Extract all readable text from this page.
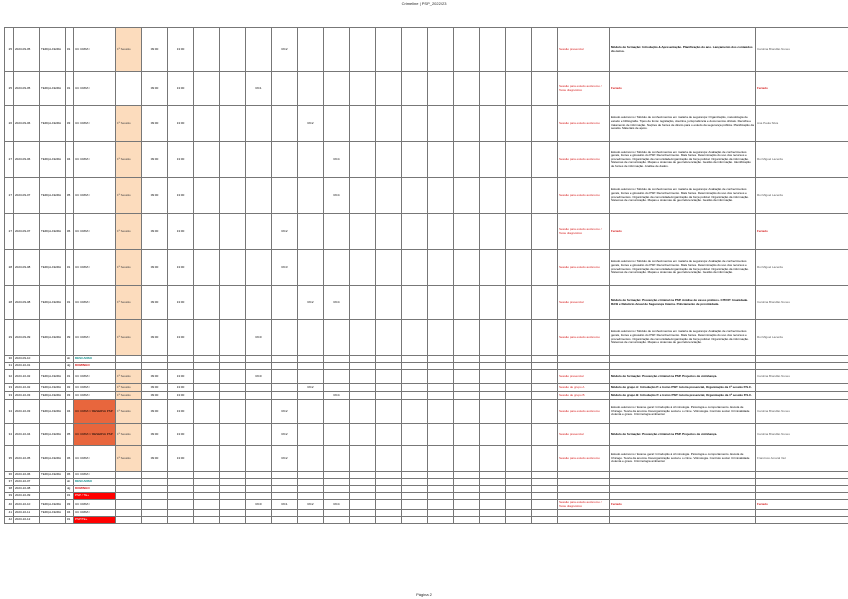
Crimeline | PSP_2022/23
25	2023-09-05	TERÇA-FEIRA	#1	UC CRIM.I	1ª Sessão	09:00	13:00				RC2											Sessão presencial	Módulo de formação: Introdução & Apresentação. Planificação do ano. Lançamento dos conteúdos do curso.	Carolina Brandão Nunes
25	2023-09-05	TERÇA-FEIRA	#1	UC CRIM.I		09:00	13:00			RC1												Sessão para estudo autónomo / Teste diagnóstico	Feriado	Feriado
26	2023-09-06	TERÇA-FEIRA	#3	UC CRIM.I	1ª Sessão	09:00	13:00					RC2										Sessão para estudo autónomo	Estudo autónomo / Módulo de conhecimentos em matéria de segurança: Organização, metodologia de estudo e bibliografia. Tipos de fonte: legislação, doutrina, jurisprudência e documentos oficiais. Recolha e tratamento de informação. Noções de fontes de direito para o estudo da segurança pública. Planificação da sessão. Materiais de apoio.	Ana Paula Silva
27	2023-09-06	TERÇA-FEIRA	#4	UC CRIM.I	1ª Sessão	09:00	13:00						RC4									Sessão para estudo autónomo	Estudo autónomo / Módulo de conhecimentos em matéria de segurança: Avaliação de conhecimentos gerais, fontes e glossário do PSP. Reconhecimento. Mais fontes. Determinação do uso dos recursos e procedimentos. Organização da comunidade/organização da força policial. Organização da informação. Sistemas de comunicação. Mapas e sistemas de georreferenciação. Gestão da informação. Identificação de fontes de informação. Análise de dados.	Rui Miguel Lacerda
27	2023-09-07	TERÇA-FEIRA	#5	UC CRIM.I	1ª Sessão	09:00	13:00						RC4									Sessão para estudo autónomo	Estudo autónomo / Módulo de conhecimentos em matéria de segurança: Avaliação de conhecimentos gerais, fontes e glossário do PSP. Reconhecimento. Mais fontes. Determinação do uso dos recursos e procedimentos. Organização da comunidade/organização da força policial. Organização da informação. Sistemas de comunicação. Mapas e sistemas de georreferenciação. Gestão da informação.	Rui Miguel Lacerda
27	2023-09-07	TERÇA-FEIRA	#6	UC CRIM.I	1ª Sessão	09:00	13:00				RC2											Sessão para estudo autónomo / Teste diagnóstico	Feriado	Feriado
28	2023-09-08	TERÇA-FEIRA	#1	UC CRIM.I	1ª Sessão	09:00	13:00				RC3											Sessão para estudo autónomo	Estudo autónomo / Módulo de conhecimentos em matéria de segurança: Avaliação de conhecimentos gerais, fontes e glossário do PSP. Reconhecimento. Mais fontes. Determinação do uso dos recursos e procedimentos. Organização da comunidade/organização da força policial. Organização da informação. Sistemas de comunicação. Mapas e sistemas de georreferenciação. Gestão da informação.	Rui Miguel Lacerda
28	2023-09-08	TERÇA-FEIRA	#1	UC CRIM.I	1ª Sessão	09:00	13:00					RC2	RC4									Sessão presencial	Módulo de formação: Prevenção criminal na PSP. Análise de casos práticos. CIT/CP: Imunidade. RASI e Relatório Anual de Segurança Interna. Policiamento de proximidade.	Carolina Brandão Nunes
29	2023-09-09	TERÇA-FEIRA	#9	UC CRIM.I	1ª Sessão	09:00	13:00			RC0												Sessão para estudo autónomo	Estudo autónomo / Módulo de conhecimentos em matéria de segurança: Avaliação de conhecimentos gerais, fontes e glossário do PSP. Reconhecimento. Mais fontes. Determinação do uso dos recursos e procedimentos. Organização da comunidade/organização da força policial. Organização da informação. Sistemas de comunicação. Mapas e sistemas de georreferenciação.	Rui Miguel Lacerda
30	2023-09-10		sb	DESCANSO																				
31	2023-10-01		dg	DOMINGO																				
32	2023-10-02	TERÇA-FEIRA	#1	UC CRIM.I	1ª Sessão	09:00	13:00			RC0												Sessão presencial	Módulo de formação: Prevenção criminal na PSP. Projectos de vizinhança.	Carolina Brandão Nunes
33	2023-10-02	TERÇA-FEIRA	#2	UC CRIM.I	1ª Sessão	09:00	13:00					RC2										Sessão de grupo A	Módulo de grupo A: Introdução P. e treino PSP: tutoria presencial, Organização da 1ª sessão P.S.C.	
33	2023-10-03	TERÇA-FEIRA	#3	UC CRIM.I	1ª Sessão	09:00	13:00						RC4									Sessão de grupo B	Módulo de grupo B: Introdução P. e treino PSP: tutoria presencial, Organização da 1ª sessão P.S.C.	
34	2023-10-03	TERÇA-FEIRA	#4	UC CRIM.I / RESERVA PSP	1ª Sessão	09:00	13:00				RC2											Sessão para estudo autónomo	Estudo autónomo / Exame geral: Introdução à criminologia. Psicologia e comportamento. Escola de Chicago. Teoria da anomia. Desorganização social e o crime. Vitimologia. Controlo social. Criminalidade violenta e grave. Criminologia ambiental.	Carolina Brandão Nunes
34	2023-10-04	TERÇA-FEIRA	#5	UC CRIM.I / RESERVA PSP	1ª Sessão	09:00	13:00				RC2											Sessão presencial	Módulo de formação: Prevenção criminal na PSP. Projectos de vizinhança.	Carolina Brandão Nunes
35	2023-10-05	TERÇA-FEIRA	#6	UC CRIM.I	1ª Sessão	09:00	13:00				RC2											Sessão para estudo autónomo	Estudo autónomo / Exame geral: Introdução à criminologia. Psicologia e comportamento. Escola de Chicago. Teoria da anomia. Desorganização social e o crime. Vitimologia. Controlo social. Criminalidade violenta e grave. Criminologia ambiental.	Francisco Amaral Vaz
36	2023-10-06	TERÇA-FEIRA	#6	UC CRIM.I																				
37	2023-10-07		sb	DESCANSO																				
38	2023-10-08		dg	DOMINGO																				
39	2023-10-09		#1	PSP / TE+																				
40	2023-10-10	TERÇA-FEIRA	#3	UC CRIM.I						RC0	RC1	RC2	RC4									Sessão para estudo autónomo / Teste diagnóstico	Feriado	Feriado
41	2023-10-11	TERÇA-FEIRA	#4	UC CRIM.I																				
42	2023-10-12		#1	PSP/TE+																				
Página 2
